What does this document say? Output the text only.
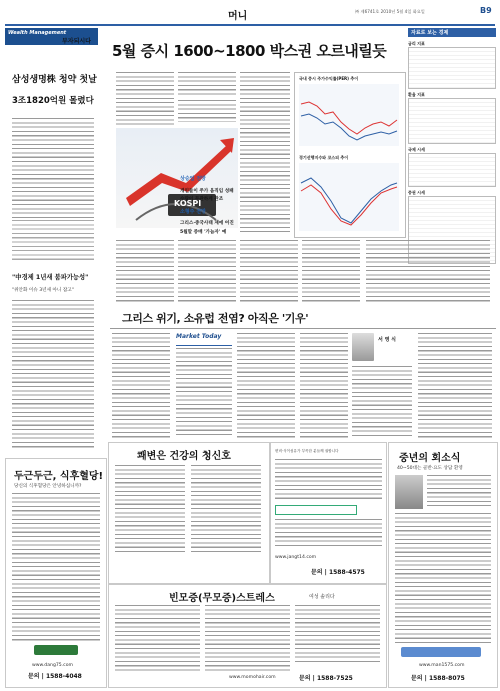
머니	㈜ 제6741호 2010년 5월 4일 화요일	B9
Wealth Management
부자되시다
5월 증시 1600~1800 박스권 오르내릴듯
삼성생명株 청약 첫날
3조1820억원 몰렸다
"中경제 1년새 붐파가능성"
"위안화 이슈 3년새 아니 잡고"
KOSPI
상승업 전망
개인들이 주가 움직임 성패
수량이 무관하게 관조
소형주 전망
그리스·중국사태 재에 어진
5월말 증매 '가늠자' 예
국내 증시 주가수익률(PER) 추이
경기선행지수와 코스피 추이
자료로 보는 경제
금리 지표
환율 지표
국제 시세
증권 시세
그리스 위기, 소유럽 전염? 아직은 '기우'
Market Today	서 영 식
두근두근, 식후혈당!
당신의 식후혈당은 안녕하십니까?
www.dang75.com
문의 | 1588-4048
쾌변은 건강의 청신호	변비·식이섬유가 부족한 분들께 권합니다
www.jangt14.com
문의 | 1588-4575
빈모증(무모증)스트레스	여성 솔리다
www.momohair.com	문의 | 1588-7525
중년의 회소식
40~50대는 골반·요도 상담 환영
www.man1575.com
문의 | 1588-8075
